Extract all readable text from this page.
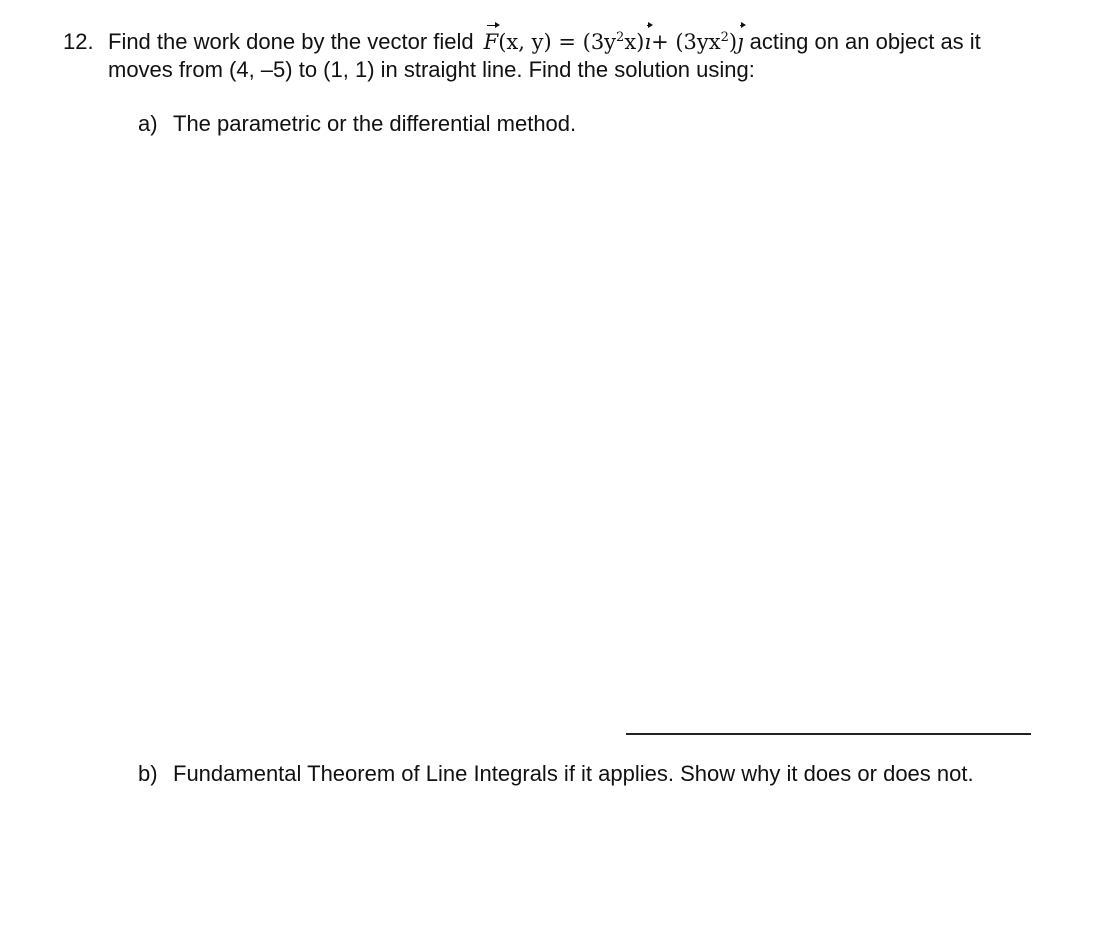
12. Find the work done by the vector field F(x, $y) = (3y^2x)ı+$ $(3yx^2)ȷ$ acting on an object as it
moves from (4, –5) to (1, 1) in straight line. Find the solution using:
a) The parametric or the differential method.
b) Fundamental Theorem of Line Integrals if it applies. Show why it does or does not.
